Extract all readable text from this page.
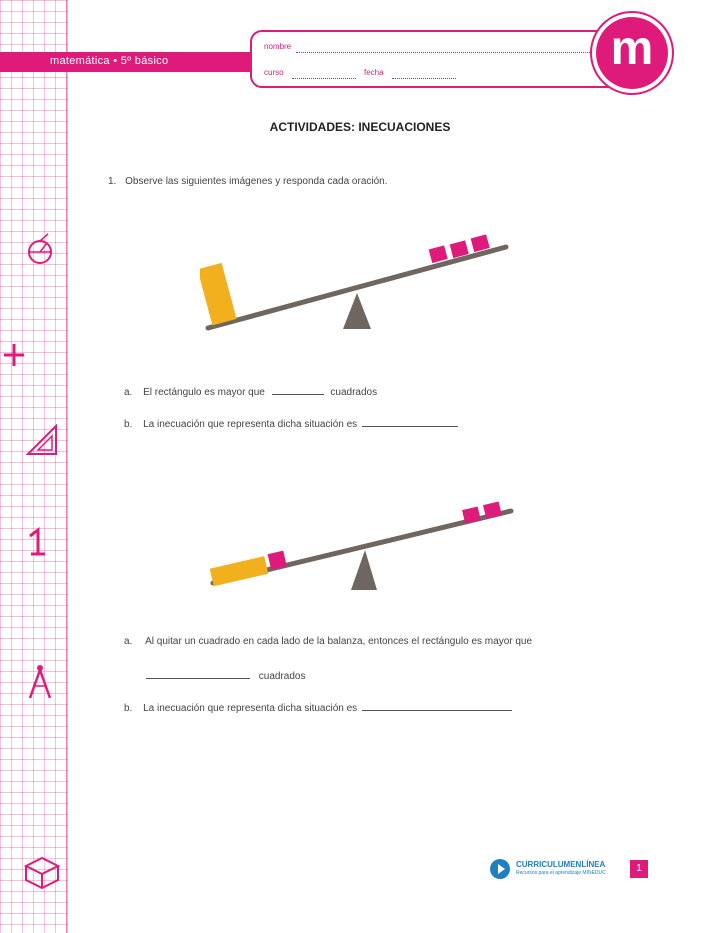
matemática • 5º básico
nombre
curso	fecha	m
ACTIVIDADES: INECUACIONES
1. Observe las siguientes imágenes y responda cada oración.
a. El rectángulo es mayor que	cuadrados
b. La inecuación que representa dicha situación es
a. Al quitar un cuadrado en cada lado de la balanza, entonces el rectángulo es mayor que
cuadrados
b. La inecuación que representa dicha situación es
CURRICULUMENLÍNEA
Recursos para el aprendizaje MINEDUC	1
